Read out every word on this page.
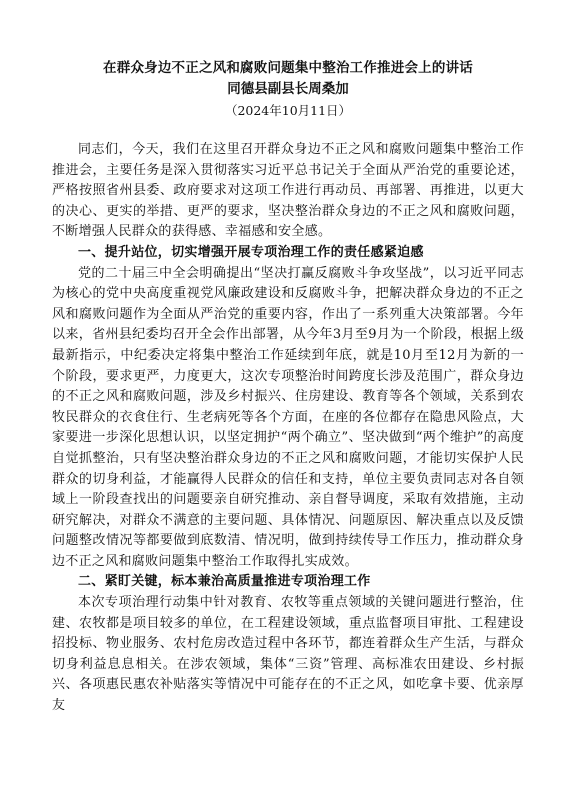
在群众身边不正之风和腐败问题集中整治工作推进会上的讲话

同德县副县长周桑加

（2024年10月11日）

同志们，今天，我们在这里召开群众身边不正之风和腐败问题集中整治工作推进会，主要任务是深入贯彻落实习近平总书记关于全面从严治党的重要论述，严格按照省州县委、政府要求对这项工作进行再动员、再部署、再推进，以更大的决心、更实的举措、更严的要求，坚决整治群众身边的不正之风和腐败问题，不断增强人民群众的获得感、幸福感和安全感。

一、提升站位，切实增强开展专项治理工作的责任感紧迫感

党的二十届三中全会明确提出“坚决打赢反腐败斗争攻坚战”，以习近平同志为核心的党中央高度重视党风廉政建设和反腐败斗争，把解决群众身边的不正之风和腐败问题作为全面从严治党的重要内容，作出了一系列重大决策部署。今年以来，省州县纪委均召开全会作出部署，从今年3月至9月为一个阶段，根据上级最新指示，中纪委决定将集中整治工作延续到年底，就是10月至12月为新的一个阶段，要求更严，力度更大，这次专项整治时间跨度长涉及范围广，群众身边的不正之风和腐败问题，涉及乡村振兴、住房建设、教育等各个领域，关系到农牧民群众的衣食住行、生老病死等各个方面，在座的各位都存在隐患风险点，大家要进一步深化思想认识，以坚定拥护“两个确立”、坚决做到“两个维护”的高度自觉抓整治，只有坚决整治群众身边的不正之风和腐败问题，才能切实保护人民群众的切身利益，才能赢得人民群众的信任和支持，单位主要负责同志对各自领域上一阶段查找出的问题要亲自研究推动、亲自督导调度，采取有效措施，主动研究解决，对群众不满意的主要问题、具体情况、问题原因、解决重点以及反馈问题整改情况等都要做到底数清、情况明，做到持续传导工作压力，推动群众身边不正之风和腐败问题集中整治工作取得扎实成效。

二、紧盯关键，标本兼治高质量推进专项治理工作

本次专项治理行动集中针对教育、农牧等重点领域的关键问题进行整治，住建、农牧都是项目较多的单位，在工程建设领域，重点监督项目审批、工程建设招投标、物业服务、农村危房改造过程中各环节，都连着群众生产生活，与群众切身利益息息相关。在涉农领域，集体“三资”管理、高标准农田建设、乡村振兴、各项惠民惠农补贴落实等情况中可能存在的不正之风，如吃拿卡要、优亲厚友
